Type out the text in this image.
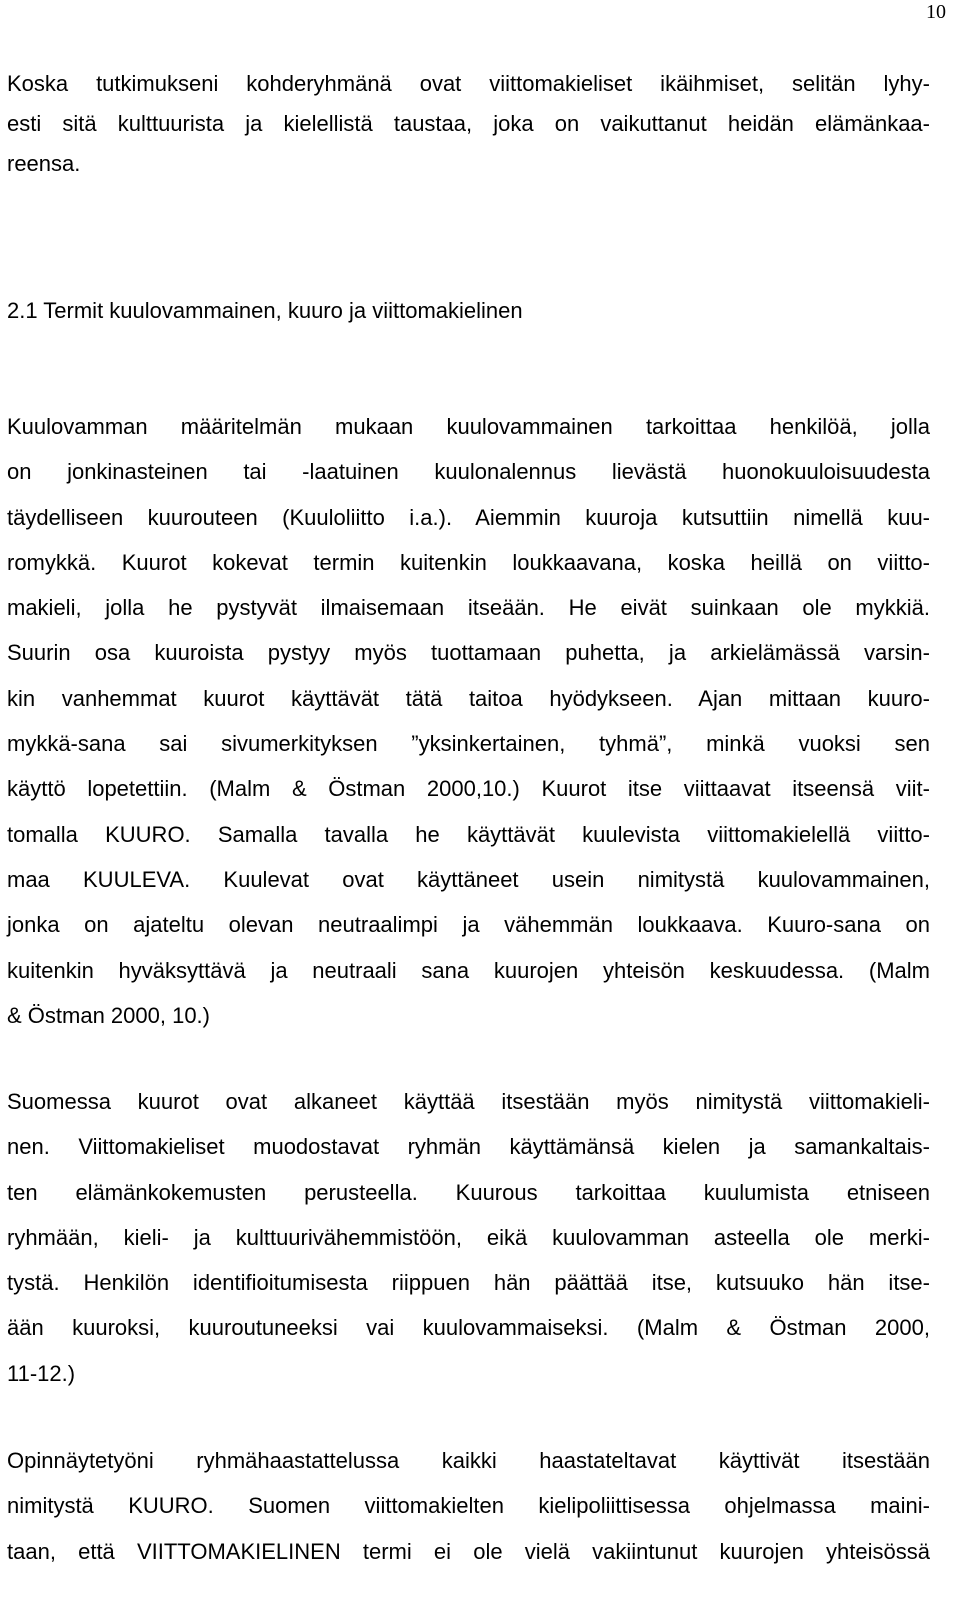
10
Koska tutkimukseni kohderyhmänä ovat viittomakieliset ikäihmiset, selitän lyhy-
esti sitä kulttuurista ja kielellistä taustaa, joka on vaikuttanut heidän elämänkaa-
reensa.
2.1 Termit kuulovammainen, kuuro ja viittomakielinen
Kuulovamman määritelmän mukaan kuulovammainen tarkoittaa henkilöä, jolla
on jonkinasteinen tai -laatuinen kuulonalennus lievästä huonokuuloisuudesta
täydelliseen kuurouteen (Kuuloliitto i.a.). Aiemmin kuuroja kutsuttiin nimellä kuu-
romykkä. Kuurot kokevat termin kuitenkin loukkaavana, koska heillä on viitto-
makieli, jolla he pystyvät ilmaisemaan itseään. He eivät suinkaan ole mykkiä.
Suurin osa kuuroista pystyy myös tuottamaan puhetta, ja arkielämässä varsin-
kin vanhemmat kuurot käyttävät tätä taitoa hyödykseen. Ajan mittaan kuuro-
mykkä-sana sai sivumerkityksen ”yksinkertainen, tyhmä”, minkä vuoksi sen
käyttö lopetettiin. (Malm & Östman 2000,10.) Kuurot itse viittaavat itseensä viit-
tomalla KUURO. Samalla tavalla he käyttävät kuulevista viittomakielellä viitto-
maa KUULEVA. Kuulevat ovat käyttäneet usein nimitystä kuulovammainen,
jonka on ajateltu olevan neutraalimpi ja vähemmän loukkaava. Kuuro-sana on
kuitenkin hyväksyttävä ja neutraali sana kuurojen yhteisön keskuudessa. (Malm
& Östman 2000, 10.)
Suomessa kuurot ovat alkaneet käyttää itsestään myös nimitystä viittomakieli-
nen. Viittomakieliset muodostavat ryhmän käyttämänsä kielen ja samankaltais-
ten elämänkokemusten perusteella. Kuurous tarkoittaa kuulumista etniseen
ryhmään, kieli- ja kulttuurivähemmistöön, eikä kuulovamman asteella ole merki-
tystä. Henkilön identifioitumisesta riippuen hän päättää itse, kutsuuko hän itse-
ään kuuroksi, kuuroutuneeksi vai kuulovammaiseksi. (Malm & Östman 2000,
11-12.)
Opinnäytetyöni ryhmähaastattelussa kaikki haastateltavat käyttivät itsestään
nimitystä KUURO. Suomen viittomakielten kielipoliittisessa ohjelmassa maini-
taan, että VIITTOMAKIELINEN termi ei ole vielä vakiintunut kuurojen yhteisössä
